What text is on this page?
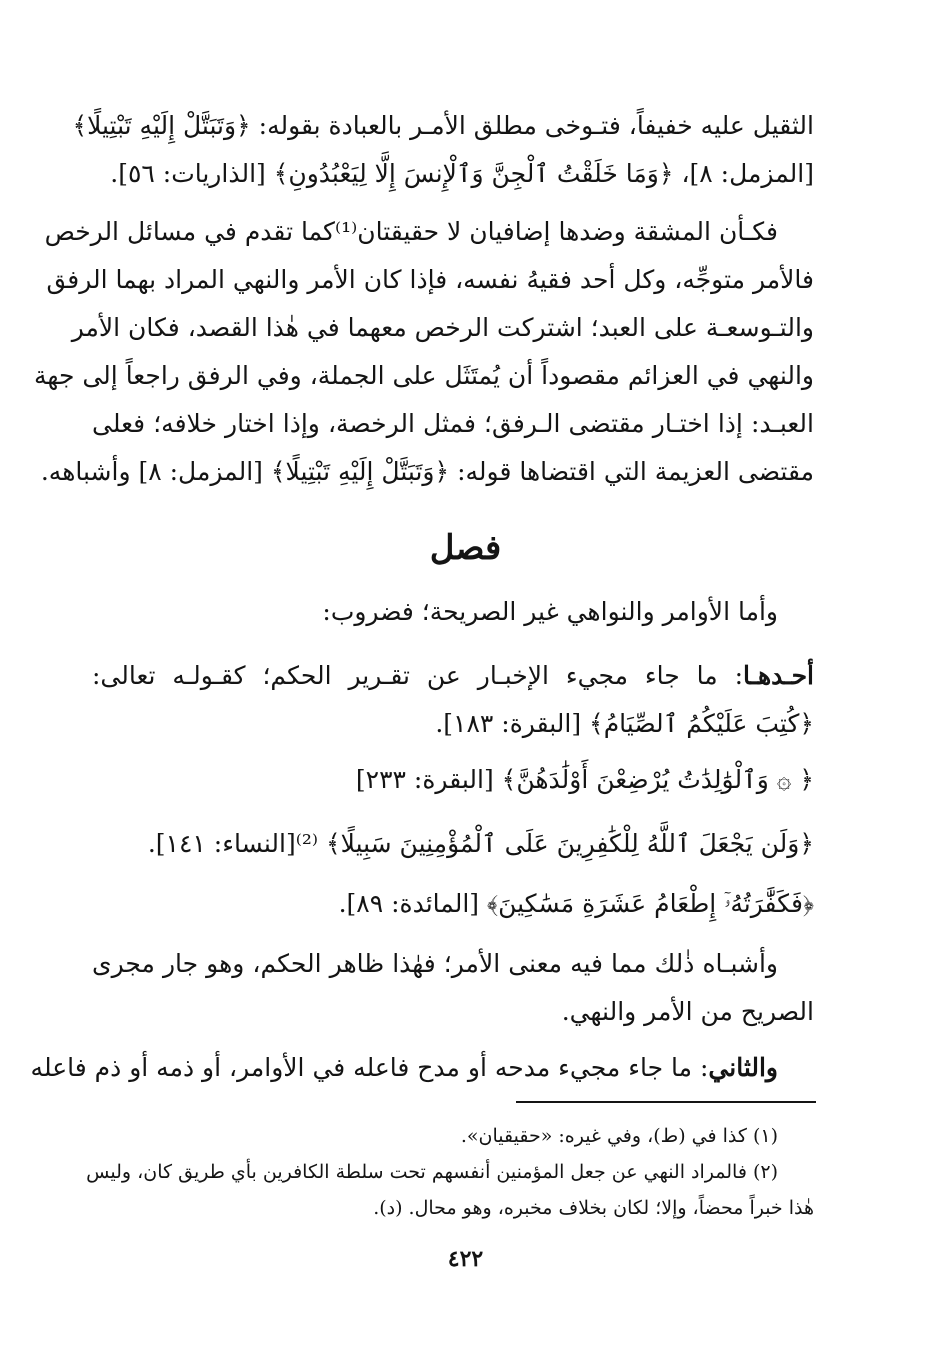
الثقيل عليه خفيفاً، فتـوخى مطلق الأمـر بالعبادة بقوله: ﴿وَتَبَتَّلْ إِلَيْهِ تَبْتِيلًا﴾
[المزمل: ٨]، ﴿وَمَا خَلَقْتُ ٱلْجِنَّ وَٱلْإِنسَ إِلَّا لِيَعْبُدُونِ﴾ [الذاريات: ٥٦].
فكـأن المشقة وضدها إضافيان لا حقيقتان⁽¹⁾كما تقدم في مسائل الرخص
فالأمر متوجِّه، وكل أحد فقيهُ نفسه، فإذا كان الأمر والنهي المراد بهما الرفق
والتـوسعـة على العبد؛ اشتركت الرخص معهما في هٰذا القصد، فكان الأمر
والنهي في العزائم مقصوداً أن يُمتَثَل على الجملة، وفي الرفق راجعاً إلى جهة
العبـد: إذا اختـار مقتضى الـرفق؛ فمثل الرخصة، وإذا اختار خلافه؛ فعلى
مقتضى العزيمة التي اقتضاها قوله: ﴿وَتَبَتَّلْ إِلَيْهِ تَبْتِيلًا﴾ [المزمل: ٨] وأشباهه.
فصل
وأما الأوامر والنواهي غير الصريحة؛ فضروب:
أحـدهـا: ما جاء مجيء الإخبـار عن تقـرير الحكم؛ كقـولـه تعالى:
﴿كُتِبَ عَلَيْكُمُ ٱلصِّيَامُ﴾ [البقرة: ١٨٣].
﴿ ۞ وَٱلْوَٰلِدَٰتُ يُرْضِعْنَ أَوْلَٰدَهُنَّ﴾ [البقرة: ٢٣٣]
﴿وَلَن يَجْعَلَ ٱللَّهُ لِلْكَٰفِرِينَ عَلَى ٱلْمُؤْمِنِينَ سَبِيلًا﴾ ⁽²⁾[النساء: ١٤١].
﴿فَكَفَّٰرَتُهُۥٓ إِطْعَامُ عَشَرَةِ مَسَٰكِينَ﴾ [المائدة: ٨٩].
وأشبـاه ذٰلك مما فيه معنى الأمر؛ فهٰذا ظاهر الحكم، وهو جار مجرى
الصريح من الأمر والنهي.
والثاني: ما جاء مجيء مدحه أو مدح فاعله في الأوامر، أو ذمه أو ذم فاعله
(١) كذا في (ط)، وفي غيره: «حقيقيان».
(٢) فالمراد النهي عن جعل المؤمنين أنفسهم تحت سلطة الكافرين بأي طريق كان، وليس
هٰذا خبراً محضاً، وإلا؛ لكان بخلاف مخبره، وهو محال. (د).
٤٢٢
